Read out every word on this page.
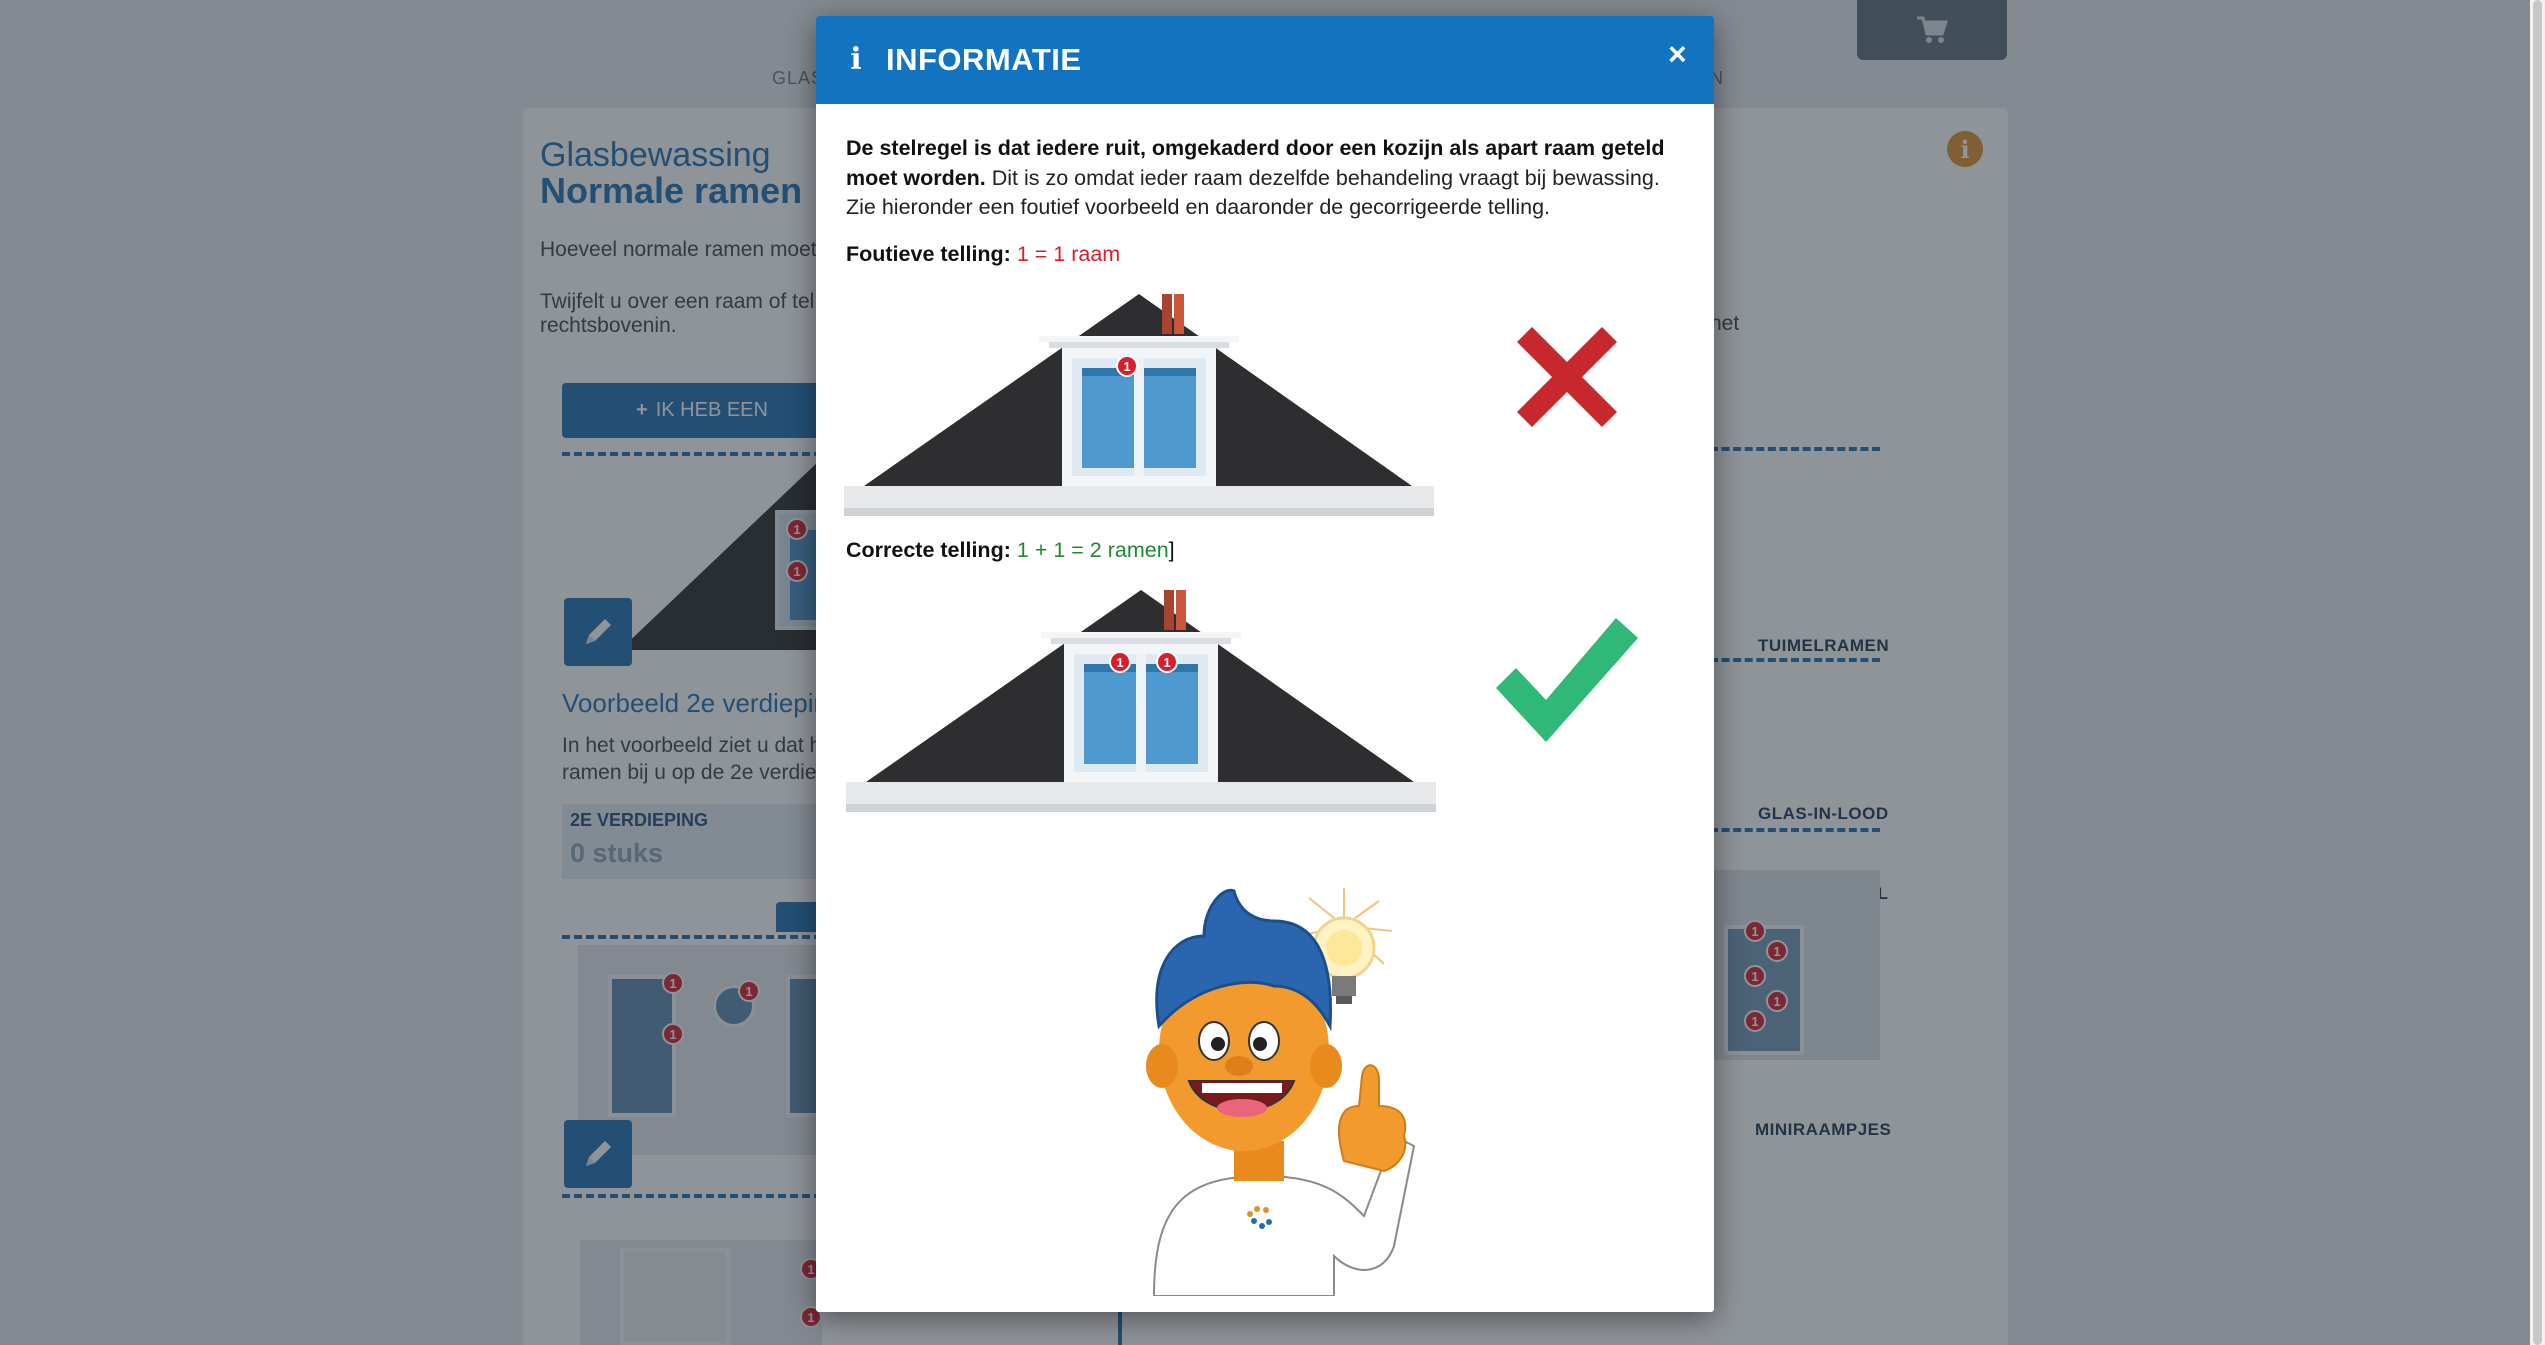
i INFORMATIE	×
De stelregel is dat iedere ruit, omgekaderd door een kozijn als apart raam geteld moet worden. Dit is zo omdat ieder raam dezelfde behandeling vraagt bij bewassing. Zie hieronder een foutief voorbeeld en daaronder de gecorrigeerde telling.
Foutieve telling: 1 = 1 raam
1
Correcte telling: 1 + 1 = 2 ramen]
1	1
